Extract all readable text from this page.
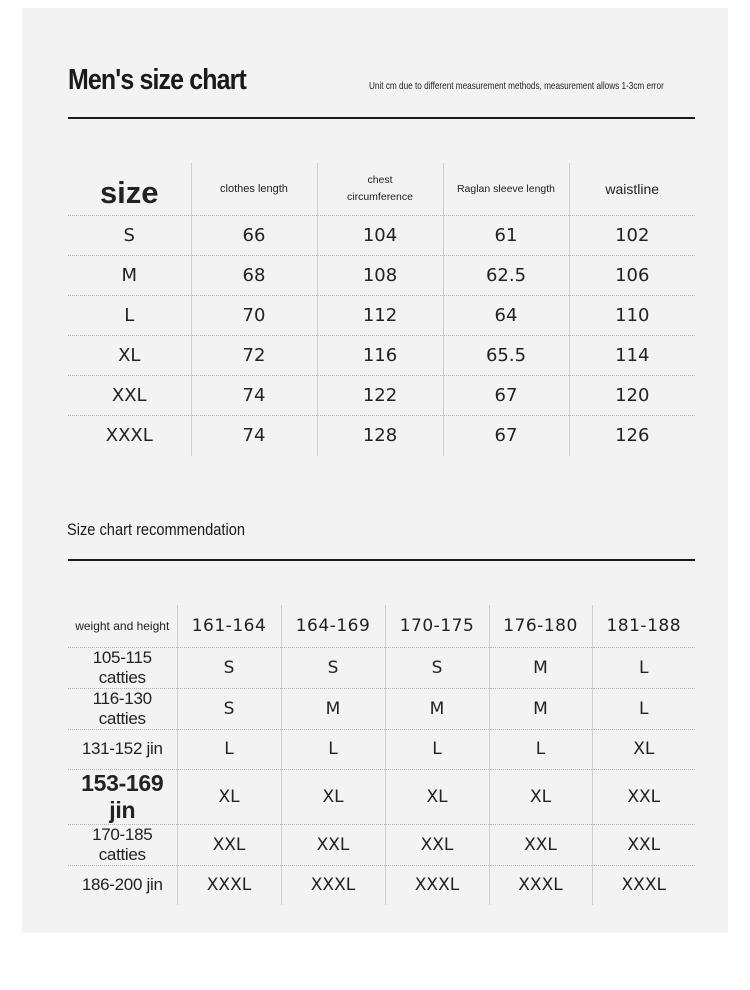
Men's size chart	Unit cm due to different measurement methods, measurement allows 1-3cm error
size	clothes length	chest circumference	Raglan sleeve length	waistline
S	66	104	61	102
M	68	108	62.5	106
L	70	112	64	110
XL	72	116	65.5	114
XXL	74	122	67	120
XXXL	74	128	67	126
Size chart recommendation
weight and height	161-164	164-169	170-175	176-180	181-188
105-115 catties	S	S	S	M	L
116-130 catties	S	M	M	M	L
131-152 jin	L	L	L	L	XL
153-169 jin	XL	XL	XL	XL	XXL
170-185 catties	XXL	XXL	XXL	XXL	XXL
186-200 jin	XXXL	XXXL	XXXL	XXXL	XXXL
